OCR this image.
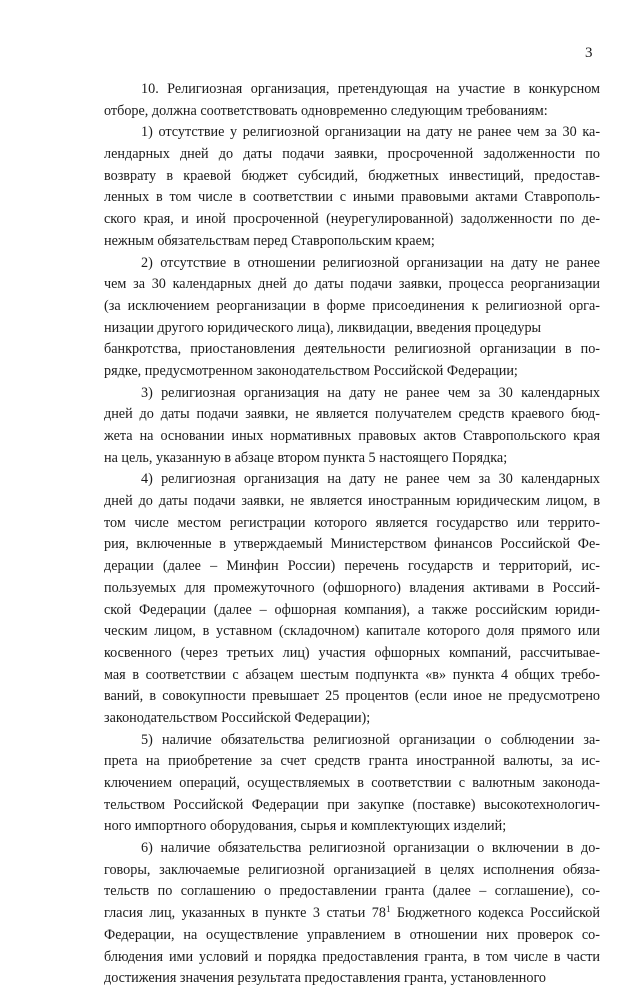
3
10. Религиозная организация, претендующая на участие в конкурсном
отборе, должна соответствовать одновременно следующим требованиям:
1) отсутствие у религиозной организации на дату не ранее чем за 30 ка-
лендарных дней до даты подачи заявки, просроченной задолженности по
возврату в краевой бюджет субсидий, бюджетных инвестиций, предостав-
ленных в том числе в соответствии с иными правовыми актами Ставрополь-
ского края, и иной просроченной (неурегулированной) задолженности по де-
нежным обязательствам перед Ставропольским краем;
2) отсутствие в отношении религиозной организации на дату не ранее
чем за 30 календарных дней до даты подачи заявки, процесса реорганизации
(за исключением реорганизации в форме присоединения к религиозной орга-
низации другого юридического лица), ликвидации, введения процедуры
банкротства, приостановления деятельности религиозной организации в по-
рядке, предусмотренном законодательством Российской Федерации;
3) религиозная организация на дату не ранее чем за 30 календарных
дней до даты подачи заявки, не является получателем средств краевого бюд-
жета на основании иных нормативных правовых актов Ставропольского края
на цель, указанную в абзаце втором пункта 5 настоящего Порядка;
4) религиозная организация на дату не ранее чем за 30 календарных
дней до даты подачи заявки, не является иностранным юридическим лицом, в
том числе местом регистрации которого является государство или террито-
рия, включенные в утверждаемый Министерством финансов Российской Фе-
дерации (далее – Минфин России) перечень государств и территорий, ис-
пользуемых для промежуточного (офшорного) владения активами в Россий-
ской Федерации (далее – офшорная компания), а также российским юриди-
ческим лицом, в уставном (складочном) капитале которого доля прямого или
косвенного (через третьих лиц) участия офшорных компаний, рассчитывае-
мая в соответствии с абзацем шестым подпункта «в» пункта 4 общих требо-
ваний, в совокупности превышает 25 процентов (если иное не предусмотрено
законодательством Российской Федерации);
5) наличие обязательства религиозной организации о соблюдении за-
прета на приобретение за счет средств гранта иностранной валюты, за ис-
ключением операций, осуществляемых в соответствии с валютным законода-
тельством Российской Федерации при закупке (поставке) высокотехнологич-
ного импортного оборудования, сырья и комплектующих изделий;
6) наличие обязательства религиозной организации о включении в до-
говоры, заключаемые религиозной организацией в целях исполнения обяза-
тельств по соглашению о предоставлении гранта (далее – соглашение), со-
гласия лиц, указанных в пункте 3 статьи $78^1$ Бюджетного кодекса Российской
Федерации, на осуществление управлением в отношении них проверок со-
блюдения ими условий и порядка предоставления гранта, в том числе в части
достижения значения результата предоставления гранта, установленного
